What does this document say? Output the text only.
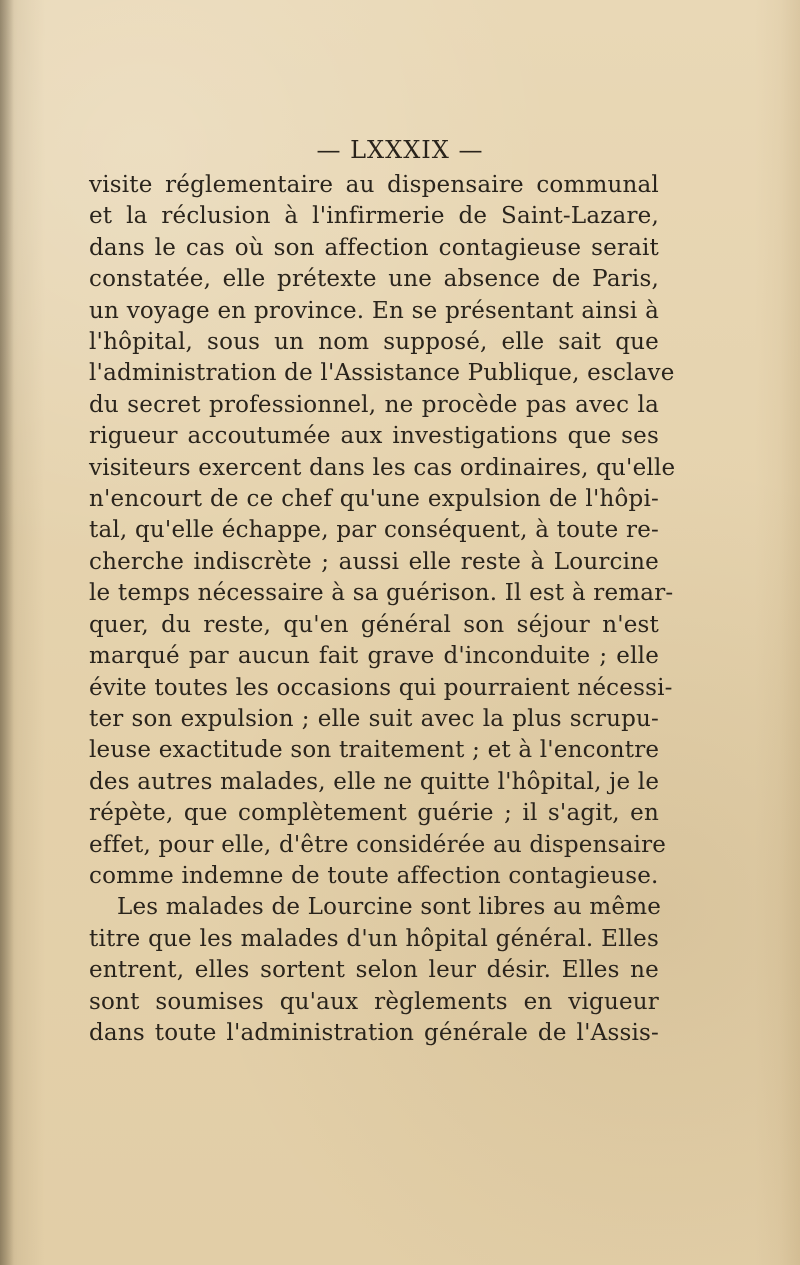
— LXXXIX —
visite réglementaire au dispensaire communal
et la réclusion à l'infirmerie de Saint-Lazare,
dans le cas où son affection contagieuse serait
constatée, elle prétexte une absence de Paris,
un voyage en province. En se présentant ainsi à
l'hôpital, sous un nom supposé, elle sait que
l'administration de l'Assistance Publique, esclave
du secret professionnel, ne procède pas avec la
rigueur accoutumée aux investigations que ses
visiteurs exercent dans les cas ordinaires, qu'elle
n'encourt de ce chef qu'une expulsion de l'hôpi-
tal, qu'elle échappe, par conséquent, à toute re-
cherche indiscrète ; aussi elle reste à Lourcine
le temps nécessaire à sa guérison. Il est à remar-
quer, du reste, qu'en général son séjour n'est
marqué par aucun fait grave d'inconduite ; elle
évite toutes les occasions qui pourraient nécessi-
ter son expulsion ; elle suit avec la plus scrupu-
leuse exactitude son traitement ; et à l'encontre
des autres malades, elle ne quitte l'hôpital, je le
répète, que complètement guérie ; il s'agit, en
effet, pour elle, d'être considérée au dispensaire
comme indemne de toute affection contagieuse.
Les malades de Lourcine sont libres au même
titre que les malades d'un hôpital général. Elles
entrent, elles sortent selon leur désir. Elles ne
sont soumises qu'aux règlements en vigueur
dans toute l'administration générale de l'Assis-
